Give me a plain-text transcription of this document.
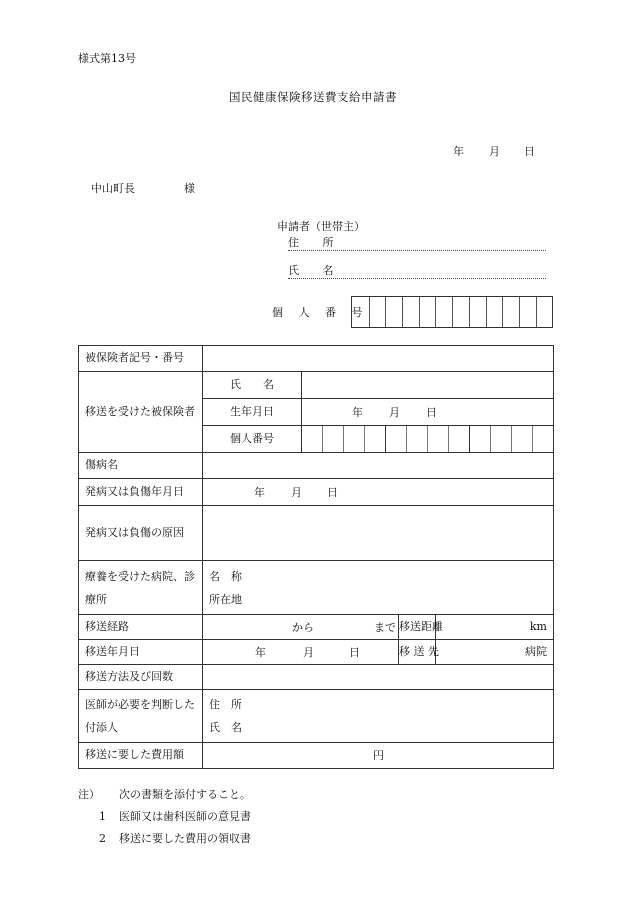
様式第13号
国民健康保険移送費支給申請書
年 月 日
中山町長	様
申請者（世帯主）
住 所
氏 名
個 人 番 号
被保険者記号・番号				
移送を受けた被保険者	氏　　名			
	生年月日	年 月 日		

	個人番号			

傷病名				
発病又は負傷年月日	年 月 日			

発病又は負傷の原因				
療養を受けた病院、診療所	名　称
所在地			

移送経路	から まで		移送距離	km
移送年月日	年 月 日		移 送 先	病院
移送方法及び回数				
医師が必要を判断した付添人	住　所
氏　名			

移送に要した費用額	円			
注） 次の書類を添付すること。
1 医師又は歯科医師の意見書

2 移送に要した費用の領収書
